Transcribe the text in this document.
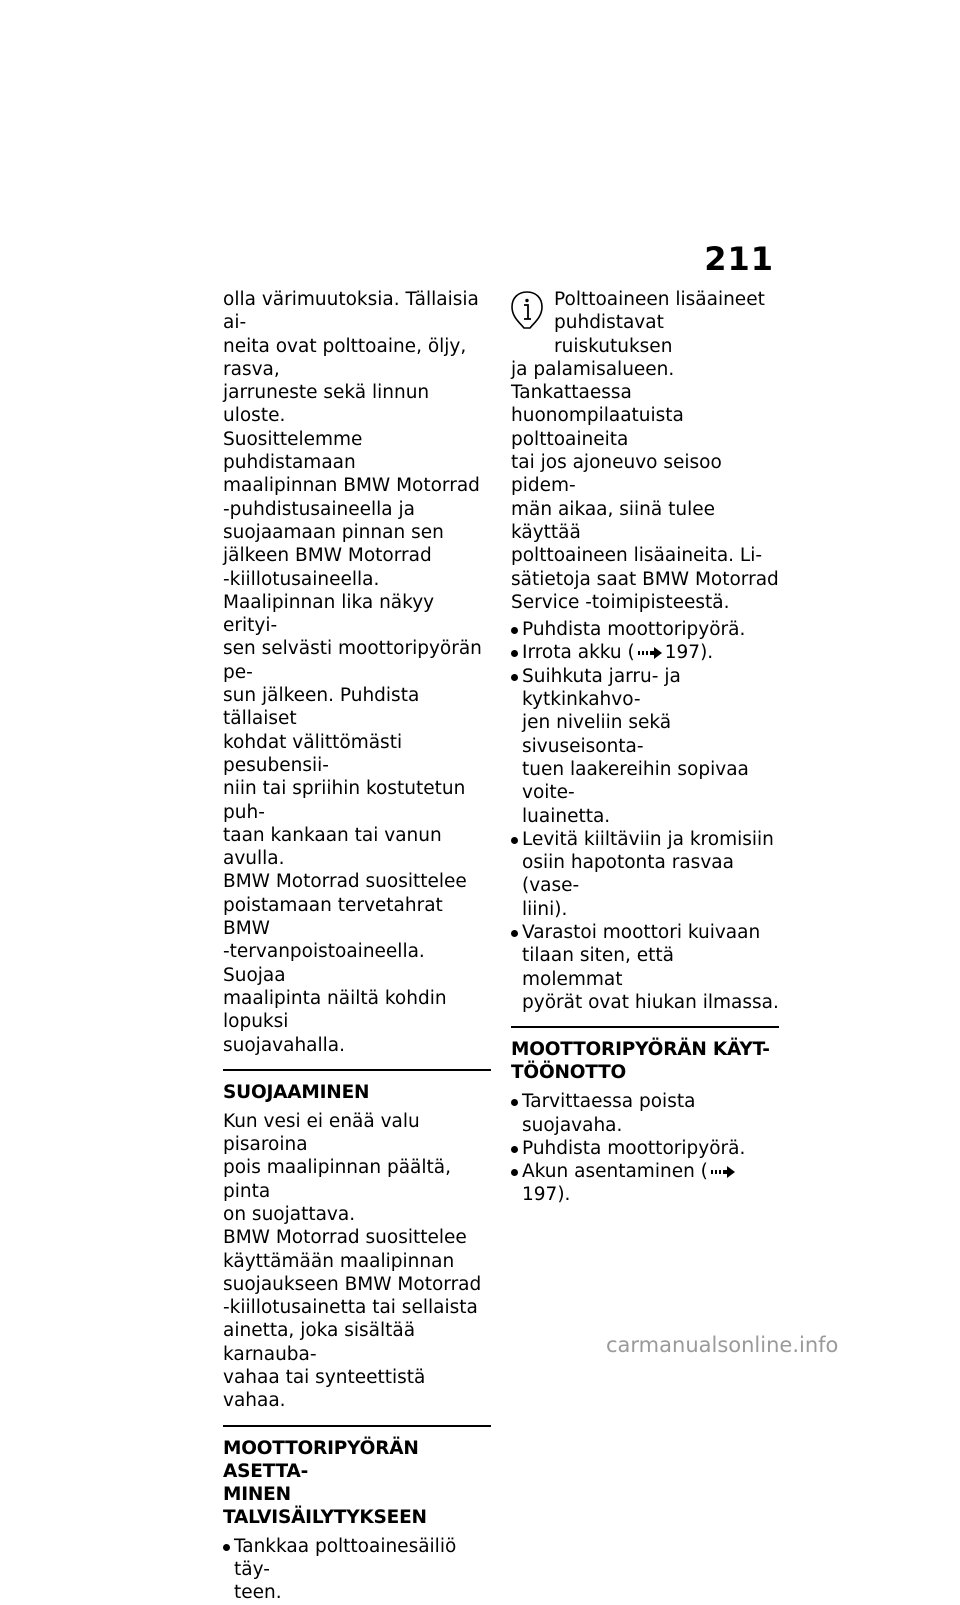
211

olla värimuutoksia. Tällaisia ai-
neita ovat polttoaine, öljy, rasva,
jarruneste sekä linnun uloste.
Suosittelemme puhdistamaan
maalipinnan BMW Motorrad
-puhdistusaineella ja
suojaamaan pinnan sen
jälkeen BMW Motorrad
-kiillotusaineella.

Maalipinnan lika näkyy erityi-
sen selvästi moottoripyörän pe-
sun jälkeen. Puhdista tällaiset
kohdat välittömästi pesubensii-
niin tai spriihin kostutetun puh-
taan kankaan tai vanun avulla.

BMW Motorrad suosittelee
poistamaan tervetahrat BMW
-tervanpoistoaineella. Suojaa
maalipinta näiltä kohdin lopuksi
suojavahalla.

SUOJAAMINEN

Kun vesi ei enää valu pisaroina
pois maalipinnan päältä, pinta
on suojattava.

BMW Motorrad suosittelee
käyttämään maalipinnan
suojaukseen BMW Motorrad
-kiillotusainetta tai sellaista
ainetta, joka sisältää karnauba-
vahaa tai synteettistä vahaa.

MOOTTORIPYÖRÄN ASETTA-
MINEN TALVISÄILYTYKSEEN
Tankkaa polttoainesäiliö täy-
teen.
Polttoaineen lisäaineet
puhdistavat ruiskutuksen

ja palamisalueen. Tankattaessa
huonompilaatuista polttoaineita
tai jos ajoneuvo seisoo pidem-
män aikaa, siinä tulee käyttää
polttoaineen lisäaineita. Li-
sätietoja saat BMW Motorrad
Service -toimipisteestä.

Puhdista moottoripyörä.
Irrota akku ( 197).
Suihkuta jarru- ja kytkinkahvo-
jen niveliin sekä sivuseisonta-
tuen laakereihin sopivaa voite-
luainetta.
Levitä kiiltäviin ja kromisiin
osiin hapotonta rasvaa (vase-
liini).
Varastoi moottori kuivaan
tilaan siten, että molemmat
pyörät ovat hiukan ilmassa.
MOOTTORIPYÖRÄN KÄYT-
TÖÖNOTTO
Tarvittaessa poista suojavaha.
Puhdista moottoripyörä.
Akun asentaminen (197).
carmanualsonline.info
